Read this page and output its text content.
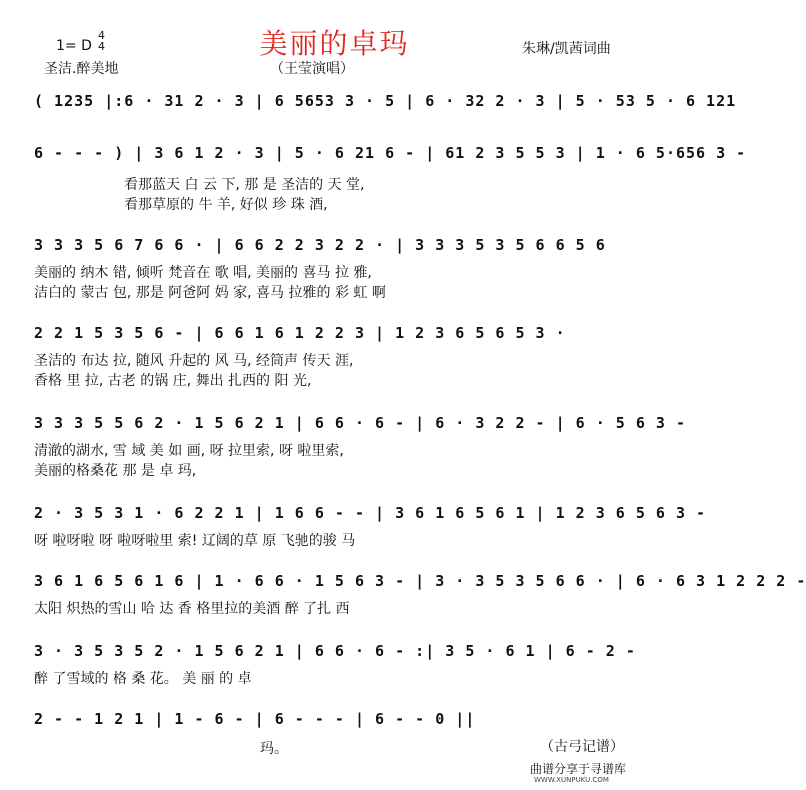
美丽的卓玛
1= D
4
4
圣洁.醉美地	（王莹演唱）
朱琳/凯茜词曲
( 1235 |:6 · 31 2 · 3 | 6 5653 3 · 5 | 6 · 32 2 · 3 | 5 · 53 5 · 6 121
6 - - - ) | 3 6 1 2 · 3 | 5 · 6 21 6 - | 61 2 3 5 5 3 | 1 · 6 5·656 3 -
看那蓝天 白 云 下, 那 是 圣洁的 天 堂,
看那草原的 牛 羊, 好似 珍 珠 酒,
3 3 3 5 6 7 6 6 · | 6 6 2 2 3 2 2 · | 3 3 3 5 3 5 6 6 5 6
美丽的 纳木 错, 倾听 梵音在 歌 唱, 美丽的 喜马 拉 雅,
洁白的 蒙古 包, 那是 阿爸阿 妈 家, 喜马 拉雅的 彩 虹 啊
2 2 1 5 3 5 6 - | 6 6 1 6 1 2 2 3 | 1 2 3 6 5 6 5 3 ·
圣洁的 布达 拉, 随风 升起的 风 马, 经筒声 传天 涯,
香格 里 拉, 古老 的锅 庄, 舞出 扎西的 阳 光,
3 3 3 5 5 6 2 · 1 5 6 2 1 | 6 6 · 6 - | 6 · 3 2 2 - | 6 · 5 6 3 -
清澈的湖水, 雪 域 美 如 画, 呀 拉里索, 呀 啦里索,
美丽的格桑花 那 是 卓 玛,
2 · 3 5 3 1 · 6 2 2 1 | 1 6 6 - - | 3 6 1 6 5 6 1 | 1 2 3 6 5 6 3 -
呀 啦呀啦 呀 啦呀啦里 索! 辽阔的草 原 飞驰的骏 马
3 6 1 6 5 6 1 6 | 1 · 6 6 · 1 5 6 3 - | 3 · 3 5 3 5 6 6 · | 6 · 6 3 1 2 2 2 -
太阳 炽热的雪山 哈 达 香 格里拉的美酒 醉 了扎 西
3 · 3 5 3 5 2 · 1 5 6 2 1 | 6 6 · 6 - :| 3 5 · 6 1 | 6 - 2 -
醉 了雪域的 格 桑 花。 美 丽 的 卓
2 - - 1 2 1 | 1 - 6 - | 6 - - - | 6 - - 0 ||
玛。	（古弓记谱）
曲谱分享于寻谱库
WWW.XUNPUKU.COM
